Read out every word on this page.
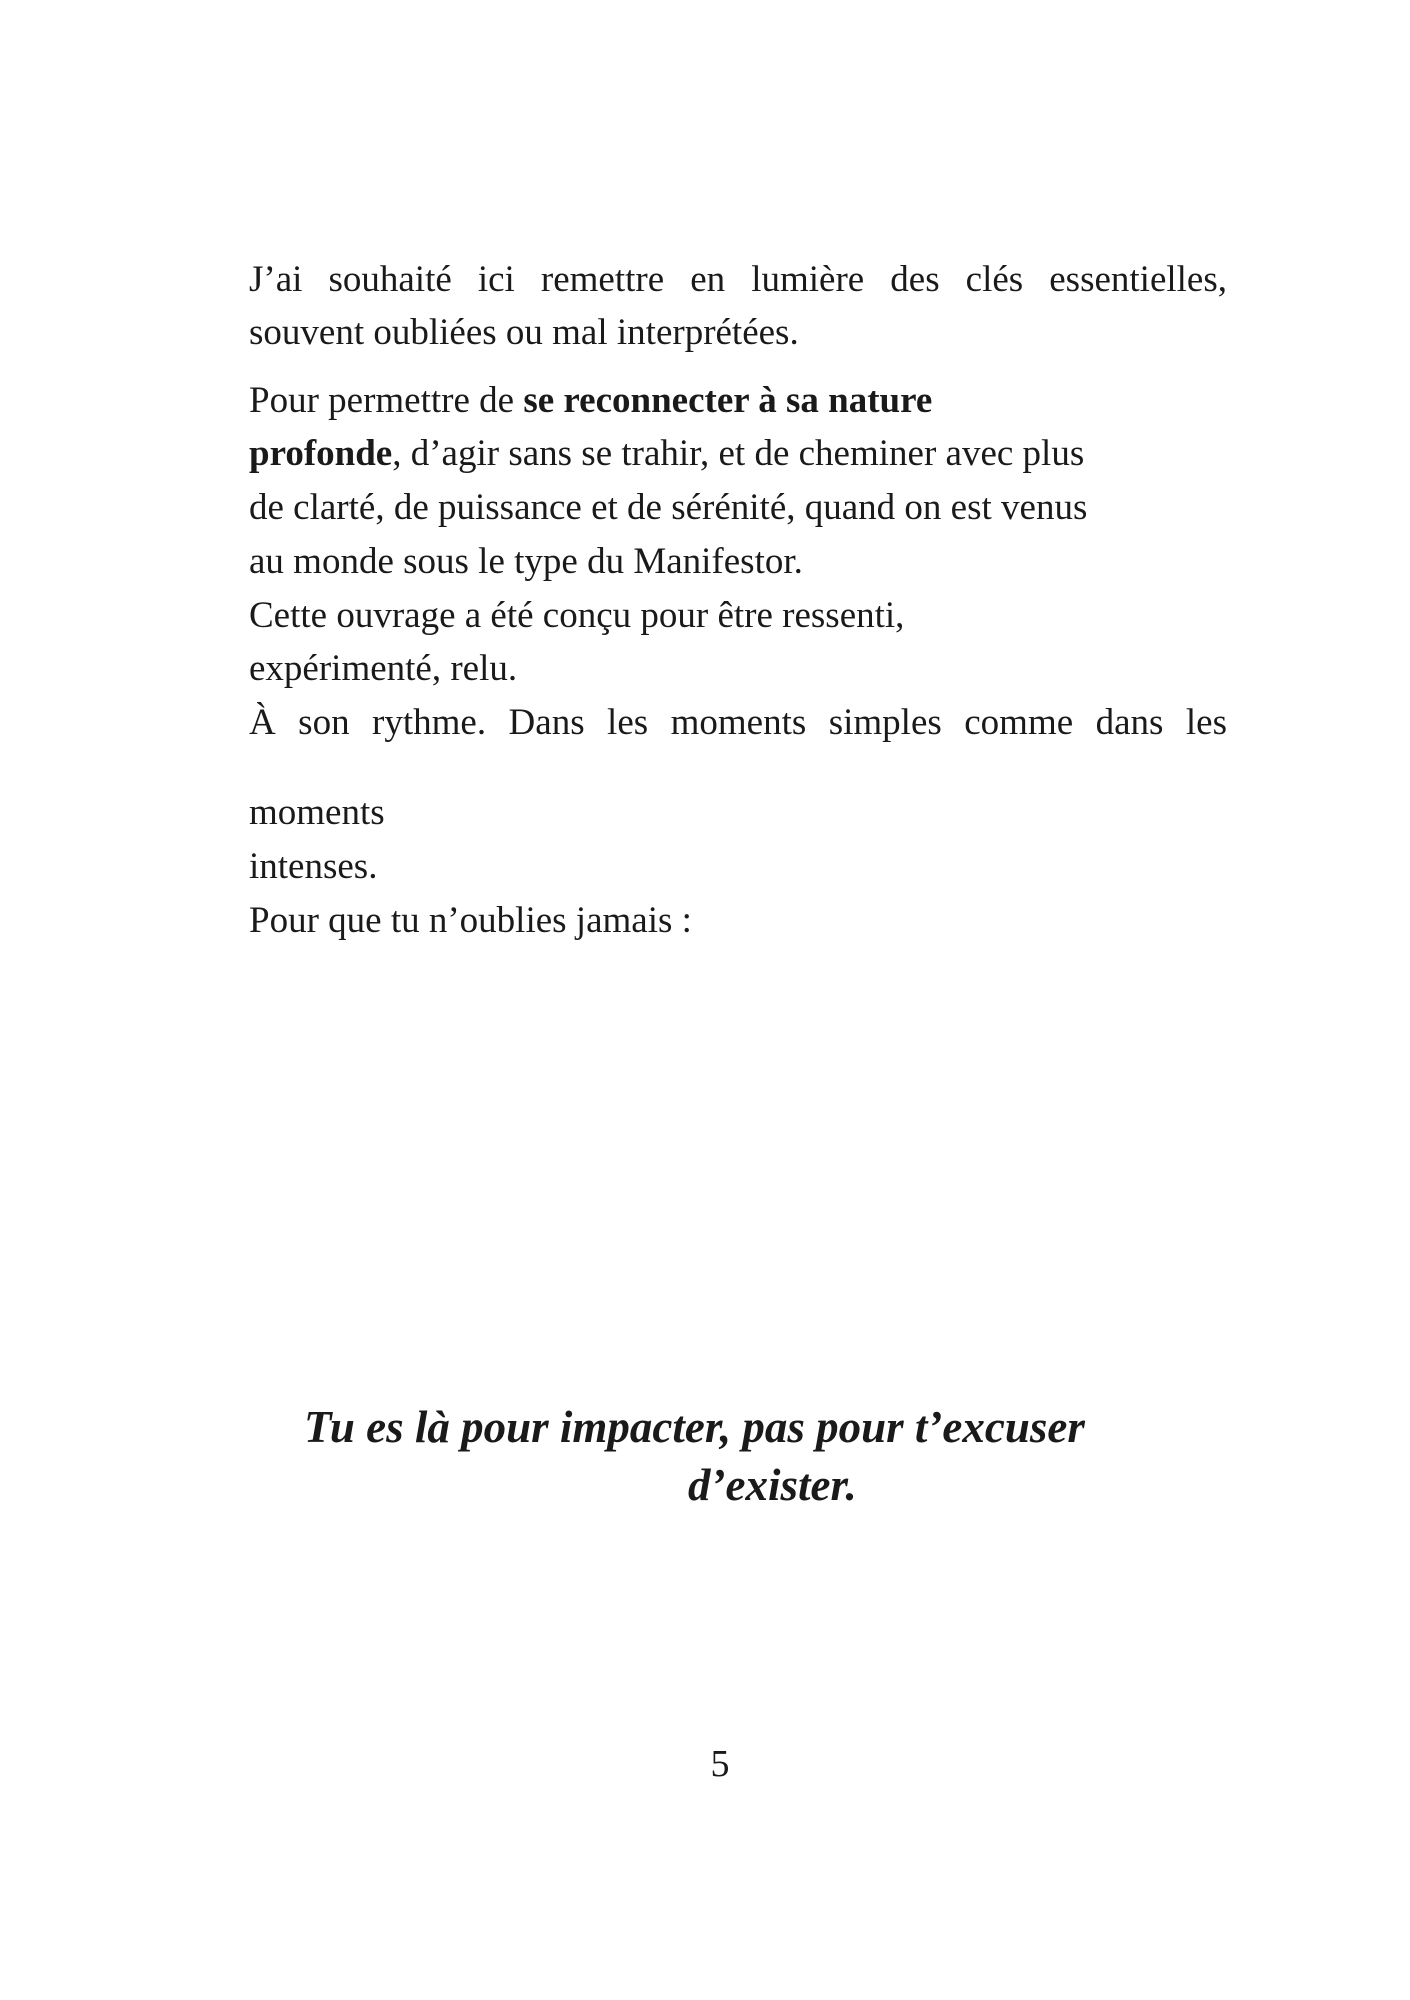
J’ai souhaité ici remettre en lumière des clés essentielles,
souvent oubliées ou mal interprétées.
Pour permettre de se reconnecter à sa nature
profonde, d’agir sans se trahir, et de cheminer avec plus
de clarté, de puissance et de sérénité, quand on est venus
au monde sous le type du Manifestor.
Cette ouvrage a été conçu pour être ressenti,
expérimenté, relu.
À son rythme. Dans les moments simples comme dans les
moments
intenses.
Pour que tu n’oublies jamais :
Tu es là pour impacter, pas pour t’excuser
d’exister.
5
